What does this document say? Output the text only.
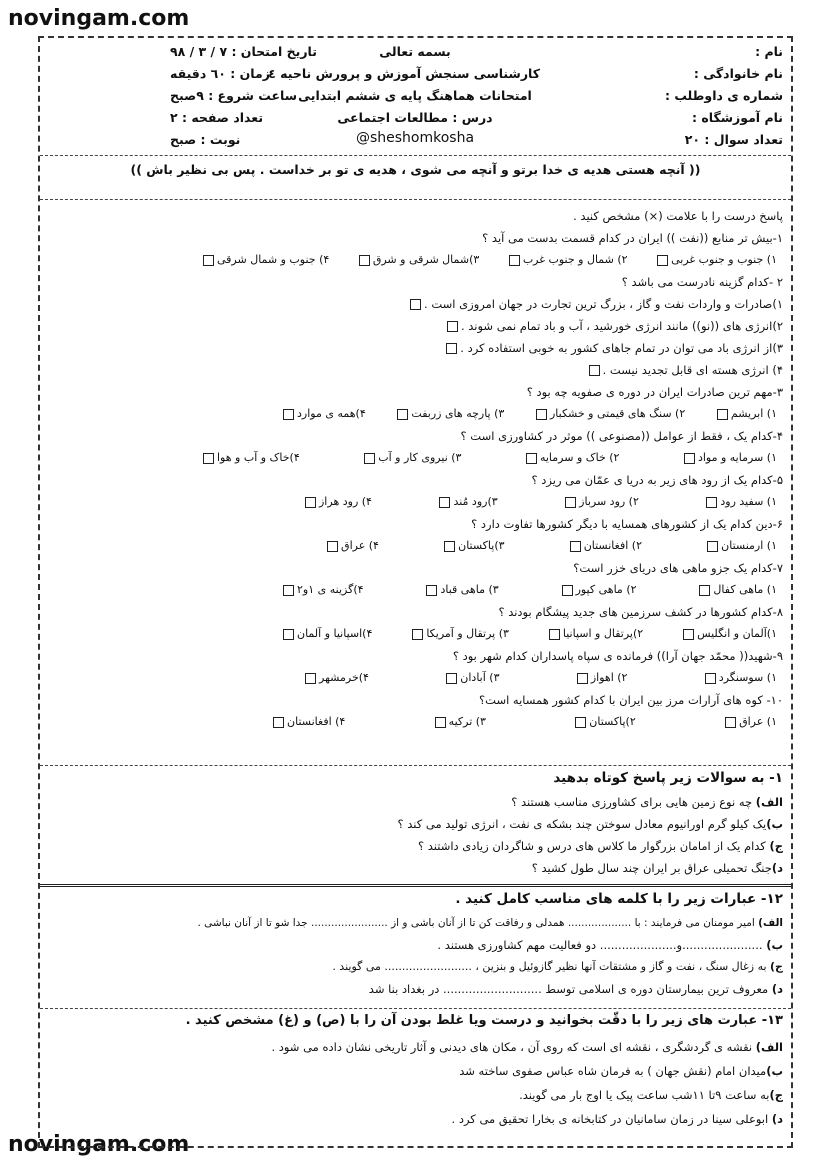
novingam.com
novingam.com
نام :
نام خانوادگی :
شماره ی داوطلب :
نام آموزشگاه :
تعداد سوال : ۲۰
بسمه تعالی
کارشناسی سنجش آموزش و پرورش ناحیه ٤
امتحانات هماهنگ پایه ی ششم ابتدایی
درس : مطالعات اجتماعی
@sheshomkosha
تاریخ امتحان : ۷ / ۳ / ۹۸
زمان : ٦۰ دقیقه
ساعت شروع : ۹صبح
تعداد صفحه : ۲
نوبت : صبح
(( آنچه هستی هدیه ی خدا برتو و آنچه می شوی ، هدیه ی تو بر خداست . پس بی نظیر باش ))
پاسخ درست را با علامت (×) مشخص کنید .
۱-بیش تر منابع ((نفت )) ایران در کدام قسمت بدست می آید ؟
۱) جنوب و جنوب غربی
۲) شمال و جنوب غرب
۳)شمال شرقی و شرق
۴) جنوب و شمال شرقی
۲ -کدام گزینه نادرست می باشد ؟
۱)صادرات و واردات نفت و گاز ، بزرگ ترین تجارت در جهان امروزی است .
۲)انرژی های ((نو)) مانند انرژی خورشید ، آب و باد تمام نمی شوند .
۳)از انرژی باد می توان در تمام جاهای کشور به خوبی استفاده کرد .
۴) انرژی هسته ای قابل تجدید نیست .
۳-مهم ترین صادرات ایران در دوره ی صفویه چه بود ؟
۱) ابریشم
۲) سنگ های قیمتی و خشکبار
۳) پارچه های زربفت
۴)همه ی موارد
۴-کدام یک ، فقط از عوامل ((مصنوعی )) موثر در کشاورزی است ؟
۱) سرمایه و مواد
۲) خاک و سرمایه
۳) نیروی کار و آب
۴)خاک و آب و هوا
۵-کدام یک از رود های زیر به دریا ی عمّان می ریزد ؟
۱) سفید رود
۲) رود سرباز
۳)رود مُند
۴) رود هراز
۶-دین کدام یک از کشورهای همسایه با دیگر کشورها تفاوت دارد ؟
۱) ارمنستان
۲) افغانستان
۳)پاکستان
۴) عراق
۷-کدام یک جزو ماهی های دریای خزر است؟
۱) ماهی کفال
۲) ماهی کپور
۳) ماهی قباد
۴)گزینه ی ۱و۲
۸-کدام کشورها در کشف سرزمین های جدید پیشگام بودند ؟
۱)آلمان و انگلیس
۲)پرتقال و اسپانیا
۳) پرتقال و آمریکا
۴)اسپانیا و آلمان
۹-شهید(( محمّد جهان آرا)) فرمانده ی سپاه پاسداران کدام شهر بود ؟
۱) سوسنگرد
۲) اهواز
۳) آبادان
۴)خرمشهر
۱۰- کوه های آرارات مرز بین ایران با کدام کشور همسایه است؟
۱) عراق
۲)پاکستان
۳) ترکیه
۴) افغانستان
۱- به سوالات زیر پاسخ کوتاه بدهید
الف) چه نوع زمین هایی برای کشاورزی مناسب هستند ؟
ب)یک کیلو گرم اورانیوم معادل سوختن چند بشکه ی نفت ، انرژی تولید می کند ؟
ج) کدام یک از امامان بزرگوار ما کلاس های درس و شاگردان زیادی داشتند ؟
د)جنگ تحمیلی عراق بر ایران چند سال طول کشید ؟
۱۲- عبارات زیر را با کلمه های مناسب کامل کنید .
الف) امیر مومنان می فرمایند : با ................... همدلی و رفاقت کن تا از آنان باشی و از ....................... جدا شو تا از آنان نباشی .
ب) ......................و..................... دو فعالیت مهم کشاورزی هستند .
ج) به زغال سنگ ، نفت و گاز و مشتقات آنها نظیر گازوئیل و بنزین ، ......................... می گویند .
د) معروف ترین بیمارستان دوره ی اسلامی توسط ........................... در بغداد بنا شد
۱۳- عبارت های زیر را با دقّت بخوانید و درست ویا غلط بودن آن را با (ص) و (غ) مشخص کنید .
الف) نقشه ی گردشگری ، نقشه ای است که روی آن ، مکان های دیدنی و آثار تاریخی نشان داده می شود .
ب)میدان امام (نقش جهان ) به فرمان شاه عباس صفوی ساخته شد
ج)به ساعت ۹تا ۱۱شب ساعت پیک یا اوج بار می گویند.
د) ابوعلی سینا در زمان سامانیان در کتابخانه ی بخارا تحقیق می کرد .
